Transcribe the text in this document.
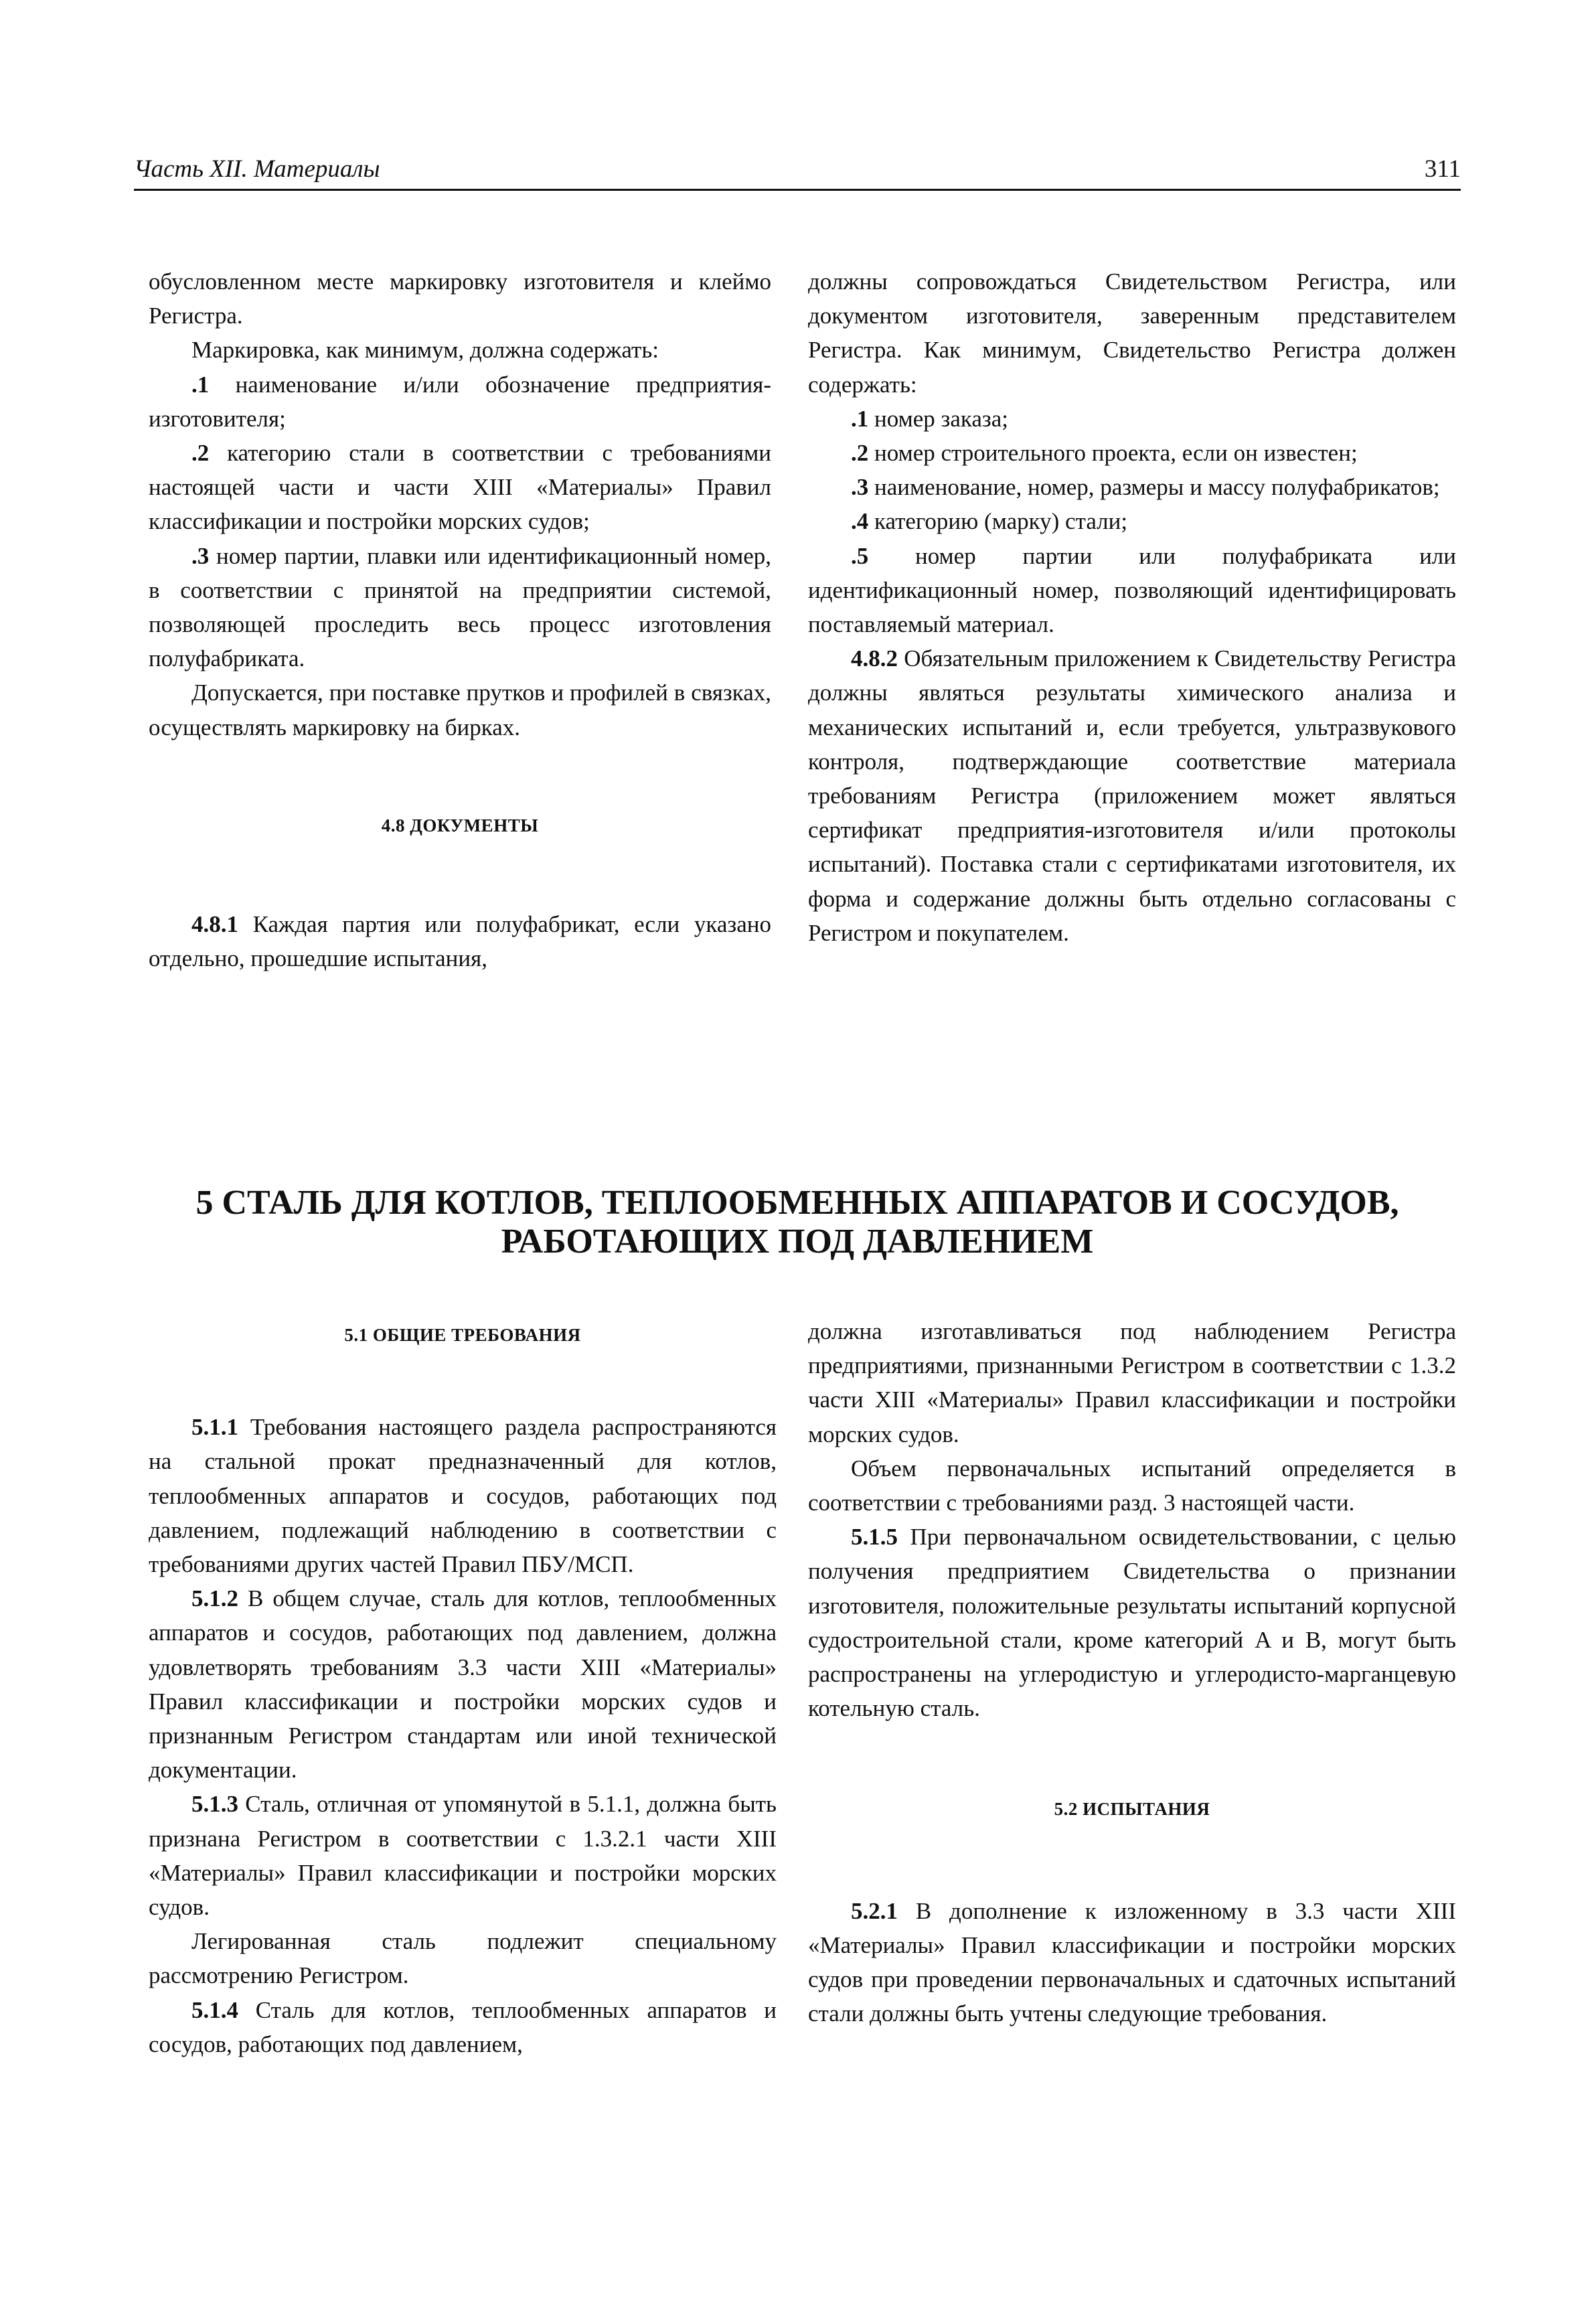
Часть XII. Материалы	311

обусловленном месте маркировку изготовителя и клеймо Регистра.

Маркировка, как минимум, должна содержать:

.1 наименование и/или обозначение предприятия-изготовителя;

.2 категорию стали в соответствии с требованиями настоящей части и части XIII «Материалы» Правил классификации и постройки морских судов;

.3 номер партии, плавки или идентификационный номер, в соответствии с принятой на предприятии системой, позволяющей проследить весь процесс изготовления полуфабриката.

Допускается, при поставке прутков и профилей в связках, осуществлять маркировку на бирках.

4.8 ДОКУМЕНТЫ

4.8.1 Каждая партия или полуфабрикат, если указано отдельно, прошедшие испытания,

должны сопровождаться Свидетельством Регистра, или документом изготовителя, заверенным представителем Регистра. Как минимум, Свидетельство Регистра должен содержать:

.1 номер заказа;

.2 номер строительного проекта, если он известен;

.3 наименование, номер, размеры и массу полуфабрикатов;

.4 категорию (марку) стали;

.5 номер партии или полуфабриката или идентификационный номер, позволяющий идентифицировать поставляемый материал.

4.8.2 Обязательным приложением к Свидетельству Регистра должны являться результаты химического анализа и механических испытаний и, если требуется, ультразвукового контроля, подтверждающие соответствие материала требованиям Регистра (приложением может являться сертификат предприятия-изготовителя и/или протоколы испытаний). Поставка стали с сертификатами изготовителя, их форма и содержание должны быть отдельно согласованы с Регистром и покупателем.

5 СТАЛЬ ДЛЯ КОТЛОВ, ТЕПЛООБМЕННЫХ АППАРАТОВ И СОСУДОВ,
РАБОТАЮЩИХ ПОД ДАВЛЕНИЕМ

5.1 ОБЩИЕ ТРЕБОВАНИЯ

5.1.1 Требования настоящего раздела распространяются на стальной прокат предназначенный для котлов, теплообменных аппаратов и сосудов, работающих под давлением, подлежащий наблюдению в соответствии с требованиями других частей Правил ПБУ/МСП.

5.1.2 В общем случае, сталь для котлов, теплообменных аппаратов и сосудов, работающих под давлением, должна удовлетворять требованиям 3.3 части XIII «Материалы» Правил классификации и постройки морских судов и признанным Регистром стандартам или иной технической документации.

5.1.3 Сталь, отличная от упомянутой в 5.1.1, должна быть признана Регистром в соответствии с 1.3.2.1 части XIII «Материалы» Правил классификации и постройки морских судов.

Легированная сталь подлежит специальному рассмотрению Регистром.

5.1.4 Сталь для котлов, теплообменных аппаратов и сосудов, работающих под давлением,

должна изготавливаться под наблюдением Регистра предприятиями, признанными Регистром в соответствии с 1.3.2 части XIII «Материалы» Правил классификации и постройки морских судов.

Объем первоначальных испытаний определяется в соответствии с требованиями разд. 3 настоящей части.

5.1.5 При первоначальном освидетельствовании, с целью получения предприятием Свидетельства о признании изготовителя, положительные результаты испытаний корпусной судостроительной стали, кроме категорий A и B, могут быть распространены на углеродистую и углеродисто-марганцевую котельную сталь.

5.2 ИСПЫТАНИЯ

5.2.1 В дополнение к изложенному в 3.3 части XIII «Материалы» Правил классификации и постройки морских судов при проведении первоначальных и сдаточных испытаний стали должны быть учтены следующие требования.
